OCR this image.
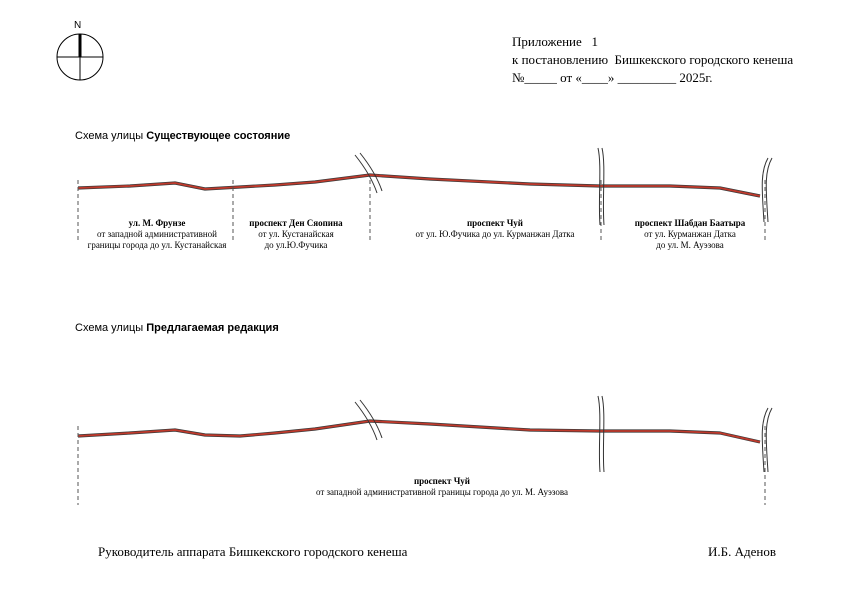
N
Приложение   1
к постановлению  Бишкекского городского кенеша
№_____ от «____» _________ 2025г.
Схема улицы Существующее состояние
Схема улицы Предлагаемая редакция
ул. М. Фрунзе
от западной административной
границы города до ул. Кустанайская
проспект Ден Сяопина
от ул. Кустанайская
до ул.Ю.Фучика
проспект Чуй
от ул. Ю.Фучика до ул. Курманжан Датка
проспект Шабдан Баатыра
от ул. Курманжан Датка
до ул. М. Ауэзова
проспект Чуй
от западной административной границы города до ул. М. Ауэзова
Руководитель аппарата Бишкекского городского кенеша	И.Б. Аденов
